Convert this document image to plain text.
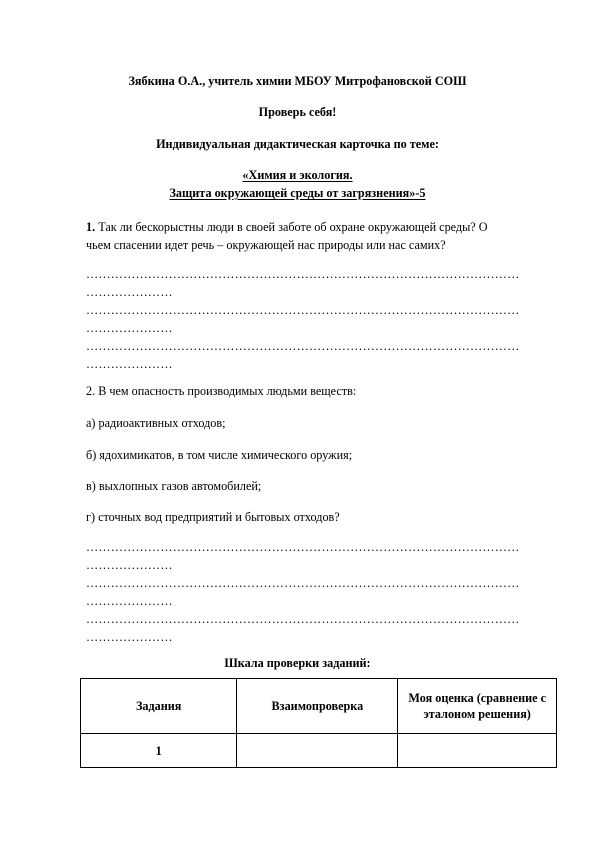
Зябкина О.А., учитель химии МБОУ Митрофановской СОШ
Проверь себя!
Индивидуальная дидактическая карточка по теме:
«Химия и экология.
Защита окружающей среды от загрязнения»-5
1. Так ли бескорыстны люди в своей заботе об охране окружающей среды? О
чьем спасении идет речь – окружающей нас природы или нас самих?
……………………………………………………………………………………………
…………………
……………………………………………………………………………………………
…………………
……………………………………………………………………………………………
…………………
2. В чем опасность производимых людьми веществ:
а) радиоактивных отходов;
б) ядохимикатов, в том числе химического оружия;
в) выхлопных газов автомобилей;
г) сточных вод предприятий и бытовых отходов?
……………………………………………………………………………………………
…………………
……………………………………………………………………………………………
…………………
……………………………………………………………………………………………
…………………
Шкала проверки заданий:
Задания	Взаимопроверка	Моя оценка (сравнение с эталоном решения)
1		
